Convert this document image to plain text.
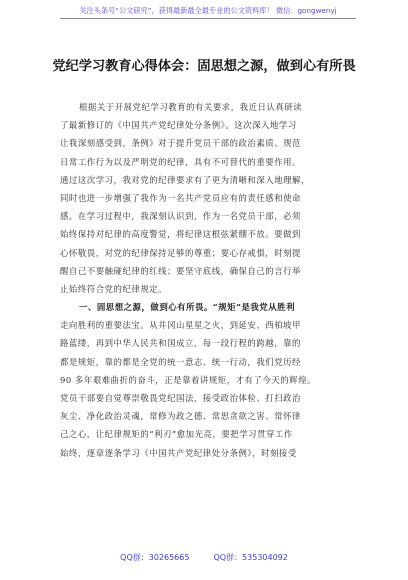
关注头条号“公文研究”，获得最新最全最专业的公文资料库！ 微信：gongwenyj
党纪学习教育心得体会：固思想之源，做到心有所畏
根据关于开展党纪学习教育的有关要求，我近日认真研读
了最新修订的《中国共产党纪律处分条例》。这次深入地学习
让我深刻感受到，条例》对于提升党员干部的政治素质、规范
日常工作行为以及严明党的纪律，具有不可替代的重要作用。
通过这次学习，我对党的纪律要求有了更为清晰和深入地理解，
同时也进一步增强了我作为一名共产党员应有的责任感和使命
感。在学习过程中，我深刻认识到，作为一名党员干部，必须
始终保持对纪律的高度警觉，将纪律这根弦紧绷不放。要做到
心怀敬畏，对党的纪律保持足够的尊重；要心存戒惧，时刻提
醒自己不要触碰纪律的红线；要坚守底线，确保自己的言行举
止始终符合党的纪律规定。
一、固思想之源，做到心有所畏。“规矩”是我党从胜利
走向胜利的重要法宝。从井冈山星星之火，到延安、西柏坡甲
路蓝缕，再到中华人民共和国成立，每一段行程的跨越，靠的
都是规矩，靠的都是全党的统一意志、统一行动，我们党历经
90 多年艰难曲折的奋斗，正是靠着讲规矩，才有了今天的辉煌。
党员干部要自觉尊崇敬畏党纪国法，接受政治体检、打扫政治
灰尘、净化政治灵魂，常修为政之德、常思贪欲之害、常怀律
己之心，让纪律规矩的“利刃”愈加光亮，要把学习贯穿工作
始终，逐章逐条学习《中国共产党纪律处分条例》，时刻接受
QQ群：30265665	QQ群：535304092
